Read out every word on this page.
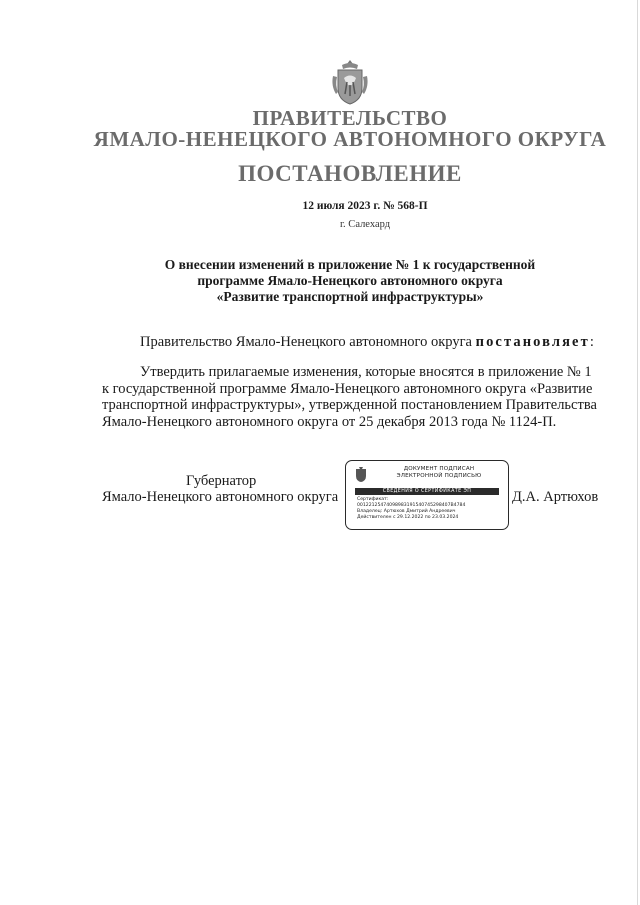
ПРАВИТЕЛЬСТВО
ЯМАЛО-НЕНЕЦКОГО АВТОНОМНОГО ОКРУГА
ПОСТАНОВЛЕНИЕ
12 июля 2023 г. № 568-П
г. Салехард
О внесении изменений в приложение № 1 к государственной
программе Ямало-Ненецкого автономного округа
«Развитие транспортной инфраструктуры»
Правительство Ямало-Ненецкого автономного округа постановляет:
Утвердить прилагаемые изменения, которые вносятся в приложение № 1
к государственной программе Ямало-Ненецкого автономного округа «Развитие
транспортной инфраструктуры», утвержденной постановлением Правительства
Ямало-Ненецкого автономного округа от 25 декабря 2013 года № 1124-П.
Губернатор
Ямало-Ненецкого автономного округа	Д.А. Артюхов
ДОКУМЕНТ ПОДПИСАН
ЭЛЕКТРОННОЙ ПОДПИСЬЮ
СВЕДЕНИЯ О СЕРТИФИКАТЕ ЭП
Сертификат:
00122125474098983191540745298407B4784
Владелец: Артюхов Дмитрий Андреевич
Действителен с 29.12.2022 по 23.03.2024
